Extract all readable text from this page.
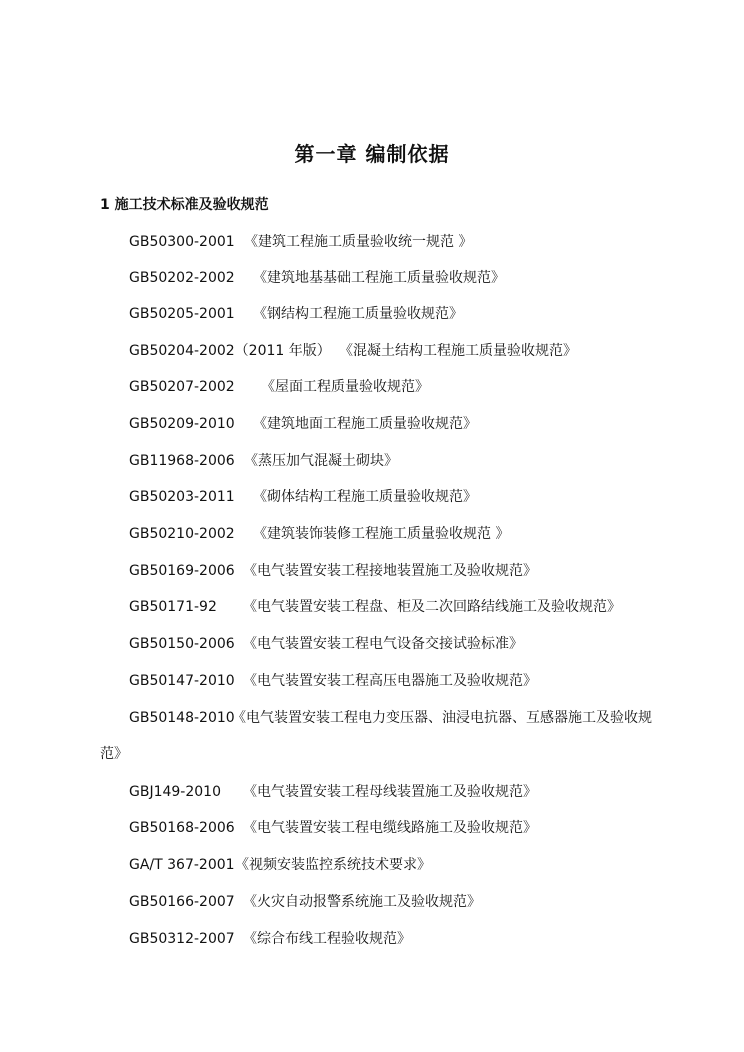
第一章 编制依据
1 施工技术标准及验收规范
GB50300-2001 《建筑工程施工质量验收统一规范 》
GB50202-2002 《建筑地基基础工程施工质量验收规范》
GB50205-2001 《钢结构工程施工质量验收规范》
GB50204-2002（2011 年版） 《混凝土结构工程施工质量验收规范》
GB50207-2002 《屋面工程质量验收规范》
GB50209-2010 《建筑地面工程施工质量验收规范》
GB11968-2006 《蒸压加气混凝土砌块》
GB50203-2011 《砌体结构工程施工质量验收规范》
GB50210-2002 《建筑装饰装修工程施工质量验收规范 》
GB50169-2006 《电气装置安装工程接地装置施工及验收规范》
GB50171-92 《电气装置安装工程盘、柜及二次回路结线施工及验收规范》
GB50150-2006 《电气装置安装工程电气设备交接试验标准》
GB50147-2010 《电气装置安装工程高压电器施工及验收规范》
GB50148-2010《电气装置安装工程电力变压器、油浸电抗器、互感器施工及验收规
范》
GBJ149-2010 《电气装置安装工程母线装置施工及验收规范》
GB50168-2006 《电气装置安装工程电缆线路施工及验收规范》
GA/T 367-2001《视频安装监控系统技术要求》
GB50166-2007 《火灾自动报警系统施工及验收规范》
GB50312-2007 《综合布线工程验收规范》
